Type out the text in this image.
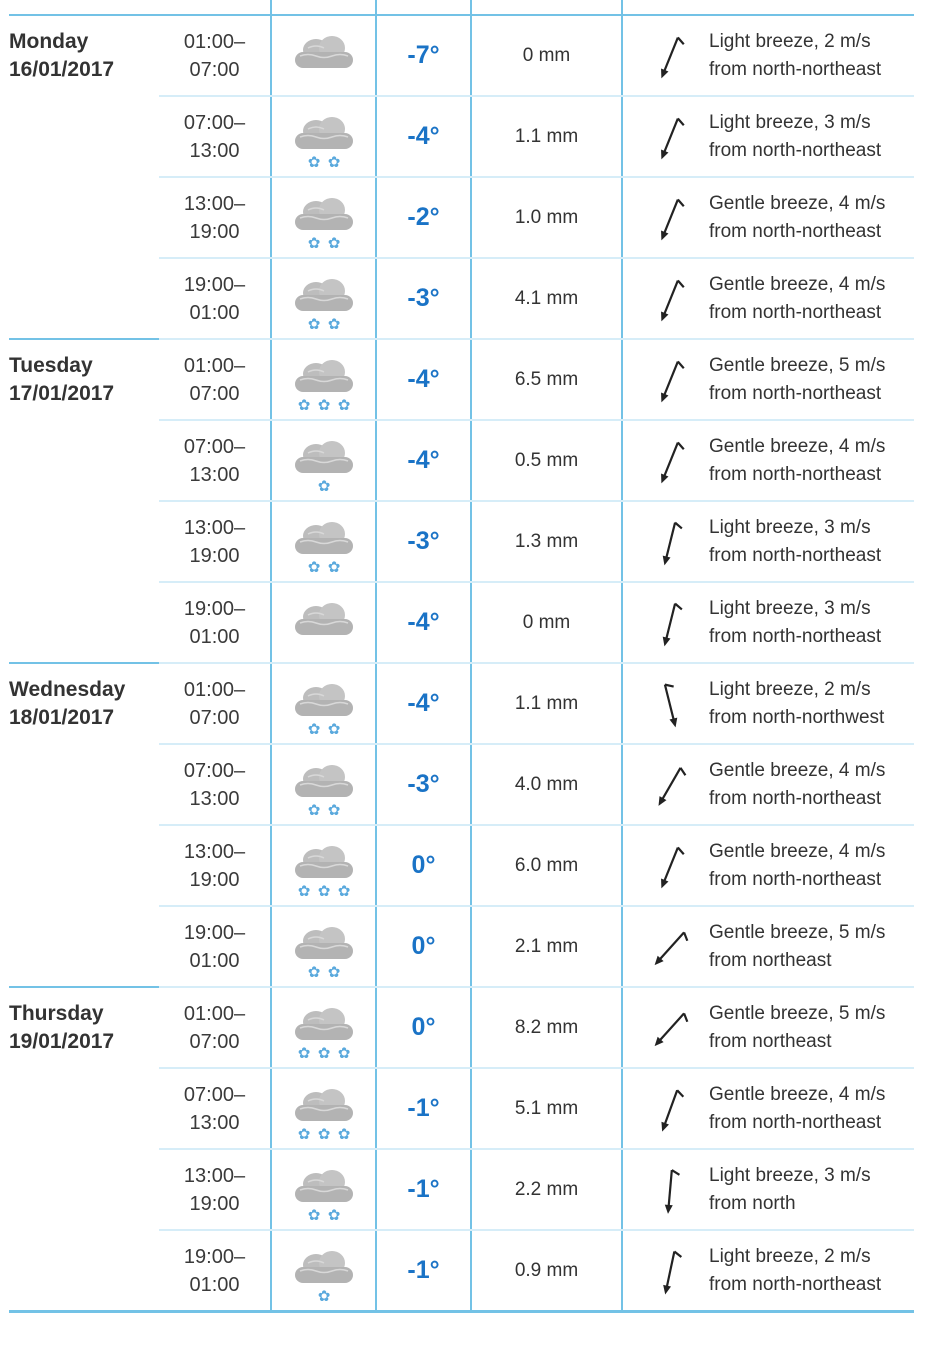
Monday
16/01/2017	01:00–
07:00		-7°	0 mm	Light breeze, 2 m/s
from north-northeast

	07:00–
13:00	✿ ✿	-4°	1.1 mm	Light breeze, 3 m/s
from north-northeast

	13:00–
19:00	✿ ✿	-2°	1.0 mm	Gentle breeze, 4 m/s
from north-northeast

	19:00–
01:00	✿ ✿	-3°	4.1 mm	Gentle breeze, 4 m/s
from north-northeast

Tuesday
17/01/2017	01:00–
07:00	✿ ✿ ✿	-4°	6.5 mm	Gentle breeze, 5 m/s
from north-northeast

	07:00–
13:00	✿	-4°	0.5 mm	Gentle breeze, 4 m/s
from north-northeast

	13:00–
19:00	✿ ✿	-3°	1.3 mm	Light breeze, 3 m/s
from north-northeast

	19:00–
01:00		-4°	0 mm	Light breeze, 3 m/s
from north-northeast

Wednesday
18/01/2017	01:00–
07:00	✿ ✿	-4°	1.1 mm	Light breeze, 2 m/s
from north-northwest

	07:00–
13:00	✿ ✿	-3°	4.0 mm	Gentle breeze, 4 m/s
from north-northeast

	13:00–
19:00	✿ ✿ ✿	0°	6.0 mm	Gentle breeze, 4 m/s
from north-northeast

	19:00–
01:00	✿ ✿	0°	2.1 mm	Gentle breeze, 5 m/s
from northeast

Thursday
19/01/2017	01:00–
07:00	✿ ✿ ✿	0°	8.2 mm	Gentle breeze, 5 m/s
from northeast

	07:00–
13:00	✿ ✿ ✿	-1°	5.1 mm	Gentle breeze, 4 m/s
from north-northeast

	13:00–
19:00	✿ ✿	-1°	2.2 mm	Light breeze, 3 m/s
from north

	19:00–
01:00	✿	-1°	0.9 mm	Light breeze, 2 m/s
from north-northeast
